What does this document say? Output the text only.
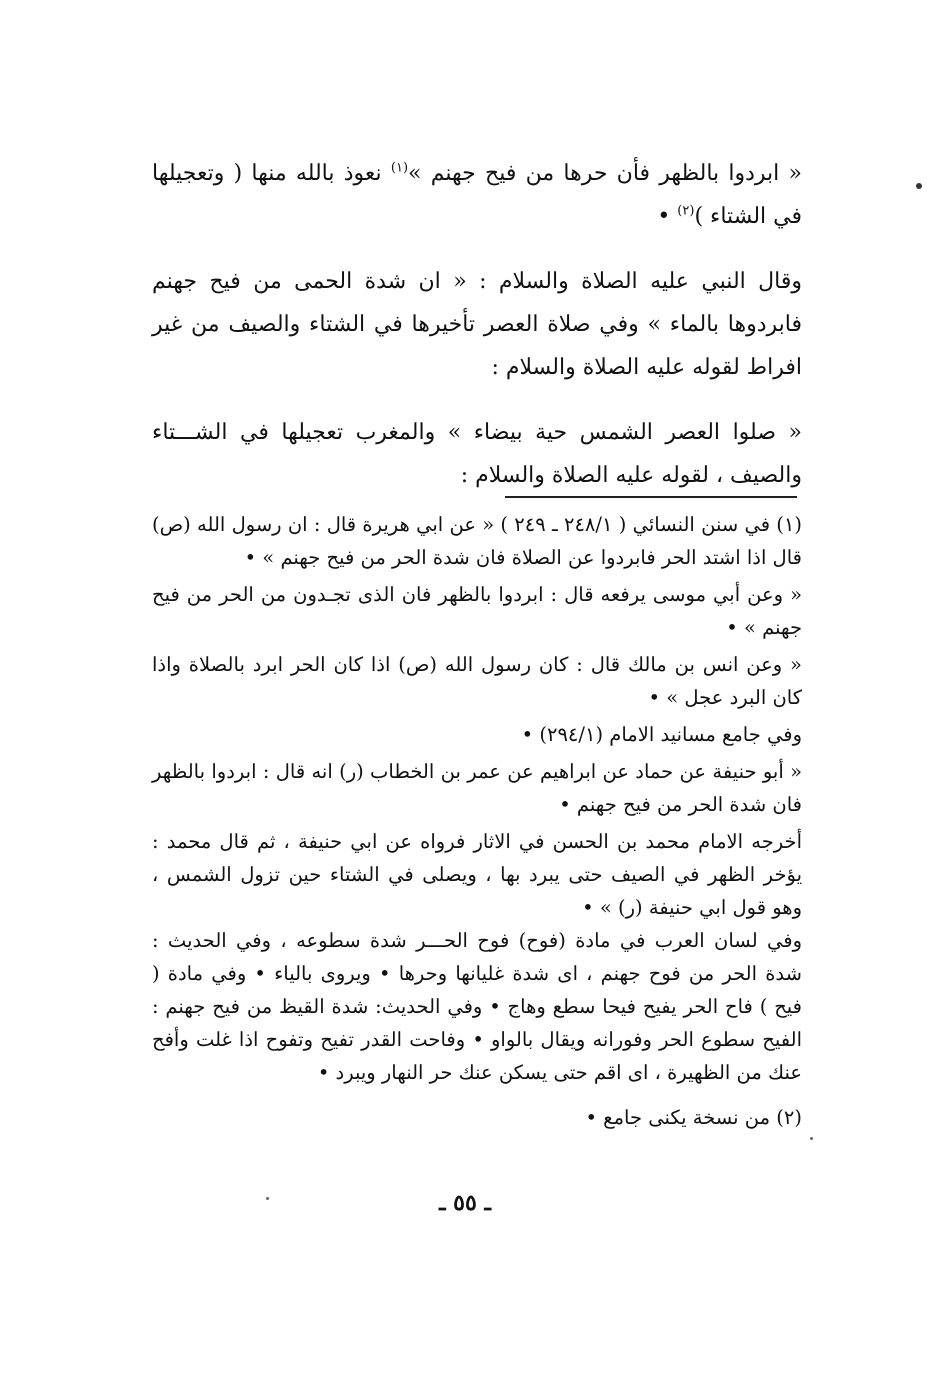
« ابردوا بالظهر فأن حرها من فيح جهنم »$^{(١)}$ نعوذ بالله منها ( وتعجيلها في الشتاء )$^{(٢)}$ •

وقال النبي عليه الصلاة والسلام : « ان شدة الحمى من فيح جهنم فابردوها بالماء » وفي صلاة العصر تأخيرها في الشتاء والصيف من غير افراط لقوله عليه الصلاة والسلام :

« صلوا العصر الشمس حية بيضاء » والمغرب تعجيلها في الشـــتاء والصيف ، لقوله عليه الصلاة والسلام :

(١) في سنن النسائي ( ٢٤٨/١ ـ ٢٤٩ ) « عن ابي هريرة قال : ان رسول الله (ص) قال اذا اشتد الحر فابردوا عن الصلاة فان شدة الحر من فيح جهنم » •

« وعن أبي موسى يرفعه قال : ابردوا بالظهر فان الذى تجـدون من الحر من فيح جهنم » •

« وعن انس بن مالك قال : كان رسول الله (ص) اذا كان الحر ابرد بالصلاة واذا كان البرد عجل » •

وفي جامع مسانيد الامام (٢٩٤/١) •

« أبو حنيفة عن حماد عن ابراهيم عن عمر بن الخطاب (ر) انه قال : ابردوا بالظهر فان شدة الحر من فيح جهنم •

أخرجه الامام محمد بن الحسن في الاثار فرواه عن ابي حنيفة ، ثم قال محمد : يؤخر الظهر في الصيف حتى يبرد بها ، ويصلى في الشتاء حين تزول الشمس ، وهو قول ابي حنيفة (ر) » •

وفي لسان العرب في مادة (فوح) فوح الحـــر شدة سطوعه ، وفي الحديث : شدة الحر من فوح جهنم ، اى شدة غليانها وحرها • ويروى بالياء • وفي مادة ( فيح ) فاح الحر يفيح فيحا سطع وهاج • وفي الحديث: شدة القيظ من فيح جهنم : الفيح سطوع الحر وفورانه ويقال بالواو • وفاحت القدر تفيح وتفوح اذا غلت وأفح عنك من الظهيرة ، اى اقم حتى يسكن عنك حر النهار ويبرد •

(٢) من نسخة يكنى جامع •

ـ ٥٥ ـ
